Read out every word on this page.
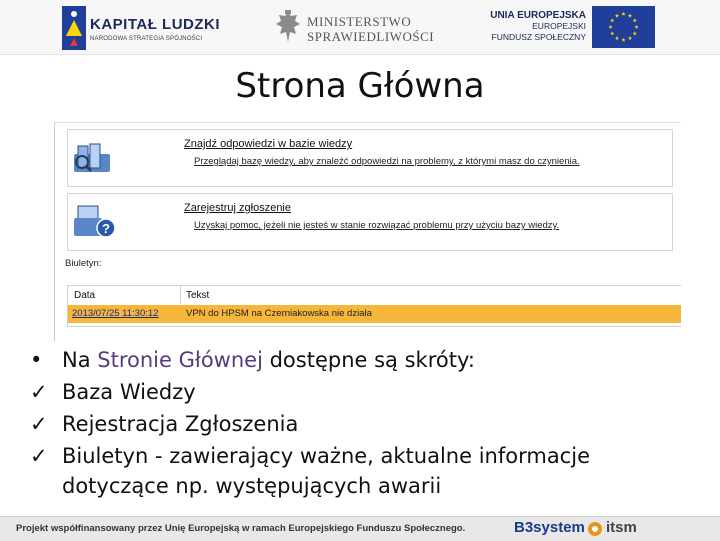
KAPITAŁ LUDZKI
NARODOWA STRATEGIA SPÓJNOŚCI
MINISTERSTWO
SPRAWIEDLIWOŚCI
UNIA EUROPEJSKA
EUROPEJSKI
FUNDUSZ SPOŁECZNY
Strona Główna
Znajdź odpowiedzi w bazie wiedzy
Przeglądaj bazę wiedzy, aby znaleźć odpowiedzi na problemy, z którymi masz do czynienia.
?
Zarejestruj zgłoszenie
Uzyskaj pomoc, jeżeli nie jesteś w stanie rozwiązać problemu przy użyciu bazy wiedzy.
Biuletyn:
Data	Tekst
2013/07/25 11:30:12	VPN do HPSM na Czerniakowska nie działa
• Na Stronie Głównej dostępne są skróty:
✓ Baza Wiedzy
✓ Rejestracja Zgłoszenia
✓ Biuletyn - zawierający ważne, aktualne informacje
dotyczące np. występujących awarii
Projekt współfinansowany przez Unię Europejską w ramach Europejskiego Funduszu Społecznego.	B3system itsm
